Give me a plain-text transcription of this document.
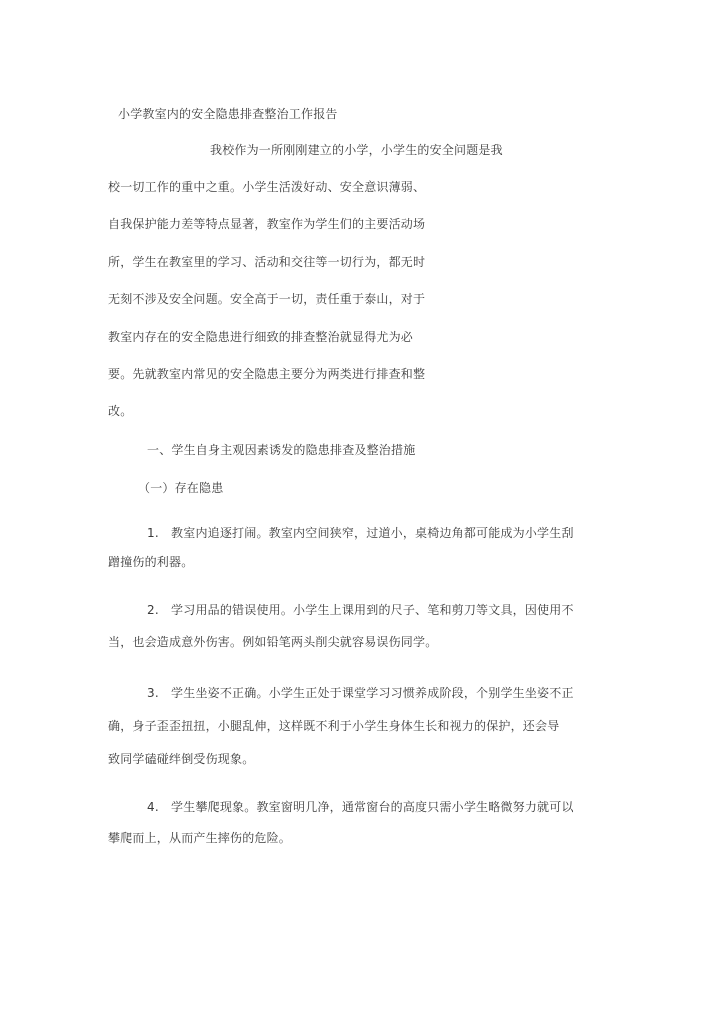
小学教室内的安全隐患排查整治工作报告

我校作为一所刚刚建立的小学，小学生的安全问题是我

校一切工作的重中之重。小学生活泼好动、安全意识薄弱、

自我保护能力差等特点显著，教室作为学生们的主要活动场

所，学生在教室里的学习、活动和交往等一切行为，都无时

无刻不涉及安全问题。安全高于一切，责任重于泰山，对于

教室内存在的安全隐患进行细致的排查整治就显得尤为必

要。先就教室内常见的安全隐患主要分为两类进行排查和整

改。

一、学生自身主观因素诱发的隐患排查及整治措施

（一）存在隐患

1.　教室内追逐打闹。教室内空间狭窄，过道小，桌椅边角都可能成为小学生刮

蹭撞伤的利器。

2.　学习用品的错误使用。小学生上课用到的尺子、笔和剪刀等文具，因使用不

当，也会造成意外伤害。例如铅笔两头削尖就容易误伤同学。

3.　学生坐姿不正确。小学生正处于课堂学习习惯养成阶段，个别学生坐姿不正

确，身子歪歪扭扭，小腿乱伸，这样既不利于小学生身体生长和视力的保护，还会导

致同学磕碰绊倒受伤现象。

4.　学生攀爬现象。教室窗明几净，通常窗台的高度只需小学生略微努力就可以

攀爬而上，从而产生摔伤的危险。
